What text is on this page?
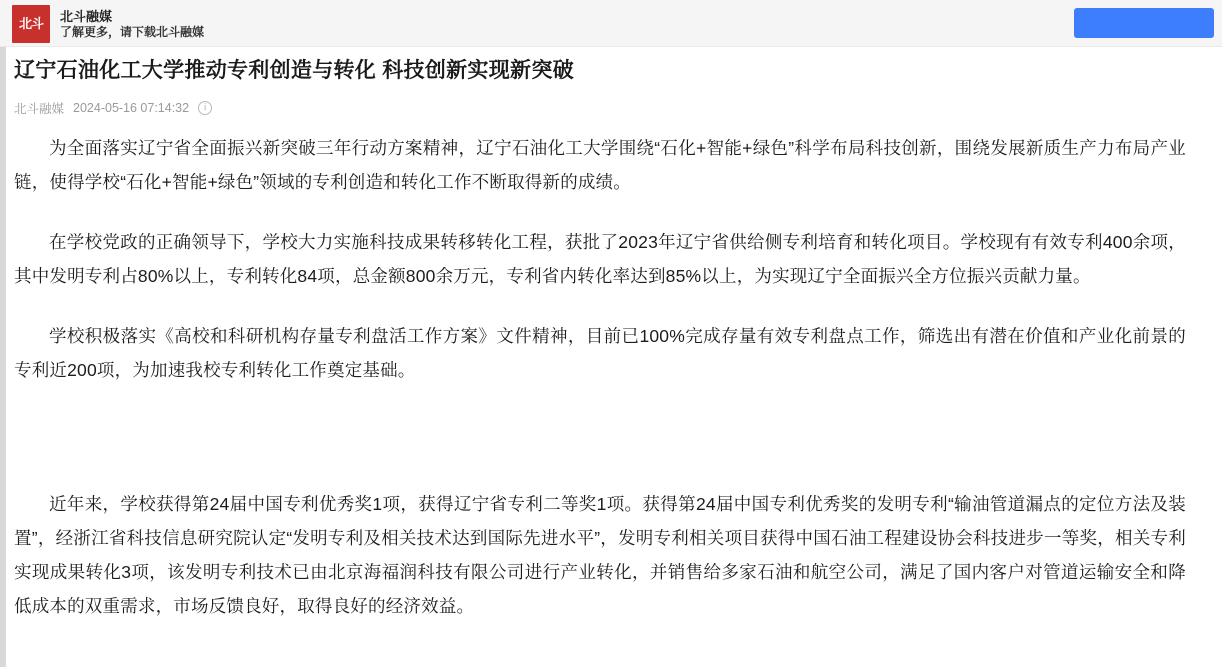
北斗	北斗融媒
了解更多，请下载北斗融媒
辽宁石油化工大学推动专利创造与转化 科技创新实现新突破
北斗融媒 2024-05-16 07:14:32	i

为全面落实辽宁省全面振兴新突破三年行动方案精神，辽宁石油化工大学围绕“石化+智能+绿色”科学布局科技创新，围绕发展新质生产力布局产业链，使得学校“石化+智能+绿色”领域的专利创造和转化工作不断取得新的成绩。

在学校党政的正确领导下，学校大力实施科技成果转移转化工程，获批了2023年辽宁省供给侧专利培育和转化项目。学校现有有效专利400余项，其中发明专利占80%以上，专利转化84项，总金额800余万元，专利省内转化率达到85%以上，为实现辽宁全面振兴全方位振兴贡献力量。

学校积极落实《高校和科研机构存量专利盘活工作方案》文件精神，目前已100%完成存量有效专利盘点工作，筛选出有潜在价值和产业化前景的专利近200项，为加速我校专利转化工作奠定基础。

近年来，学校获得第24届中国专利优秀奖1项，获得辽宁省专利二等奖1项。获得第24届中国专利优秀奖的发明专利“输油管道漏点的定位方法及装置”，经浙江省科技信息研究院认定“发明专利及相关技术达到国际先进水平”，发明专利相关项目获得中国石油工程建设协会科技进步一等奖，相关专利实现成果转化3项，该发明专利技术已由北京海福润科技有限公司进行产业转化，并销售给多家石油和航空公司，满足了国内客户对管道运输安全和降低成本的双重需求，市场反馈良好，取得良好的经济效益。
